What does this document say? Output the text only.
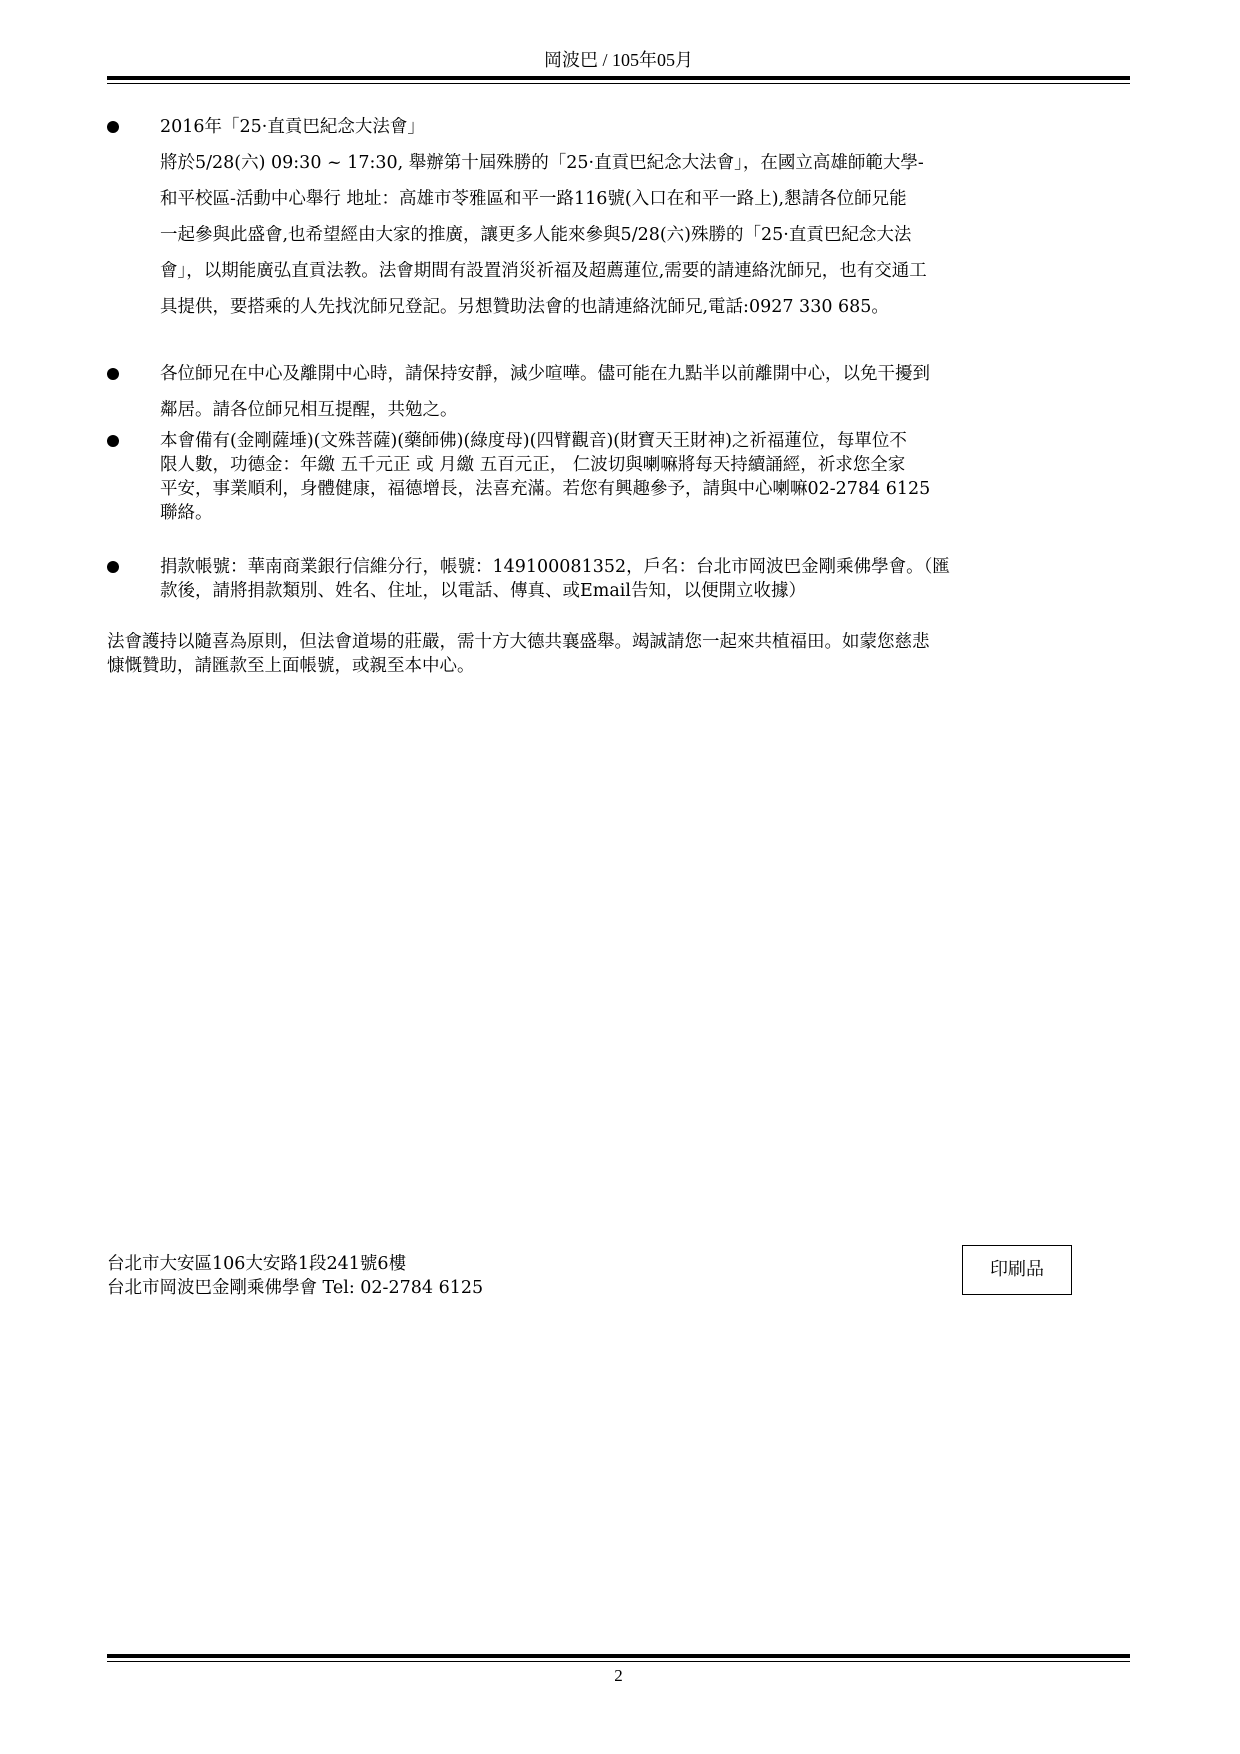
岡波巴 / 105年05月
2016年「25·直貢巴紀念大法會」
將於5/28(六) 09:30 ~ 17:30, 舉辦第十屆殊勝的「25·直貢巴紀念大法會」，在國立高雄師範大學-
和平校區-活動中心舉行 地址：高雄市苓雅區和平一路116號(入口在和平一路上),懇請各位師兄能
一起參與此盛會,也希望經由大家的推廣，讓更多人能來參與5/28(六)殊勝的「25·直貢巴紀念大法
會」，以期能廣弘直貢法教。法會期間有設置消災祈福及超薦蓮位,需要的請連絡沈師兄，也有交通工
具提供，要搭乘的人先找沈師兄登記。另想贊助法會的也請連絡沈師兄,電話:0927 330 685。
各位師兄在中心及離開中心時，請保持安靜，減少喧嘩。儘可能在九點半以前離開中心，以免干擾到
鄰居。請各位師兄相互提醒，共勉之。
本會備有(金剛薩埵)(文殊菩薩)(藥師佛)(綠度母)(四臂觀音)(財寶天王財神)之祈福蓮位，每單位不
限人數，功德金：年繳 五千元正 或 月繳 五百元正， 仁波切與喇嘛將每天持續誦經，祈求您全家
平安，事業順利，身體健康，福德增長，法喜充滿。若您有興趣參予，請與中心喇嘛02-2784 6125
聯絡。
捐款帳號：華南商業銀行信維分行，帳號：149100081352，戶名：台北市岡波巴金剛乘佛學會。（匯
款後，請將捐款類別、姓名、住址，以電話、傳真、或Email告知，以便開立收據）
法會護持以隨喜為原則，但法會道場的莊嚴，需十方大德共襄盛舉。竭誠請您一起來共植福田。如蒙您慈悲
慷慨贊助，請匯款至上面帳號，或親至本中心。
台北市大安區106大安路1段241號6樓
台北市岡波巴金剛乘佛學會 Tel: 02-2784 6125
印刷品
2
